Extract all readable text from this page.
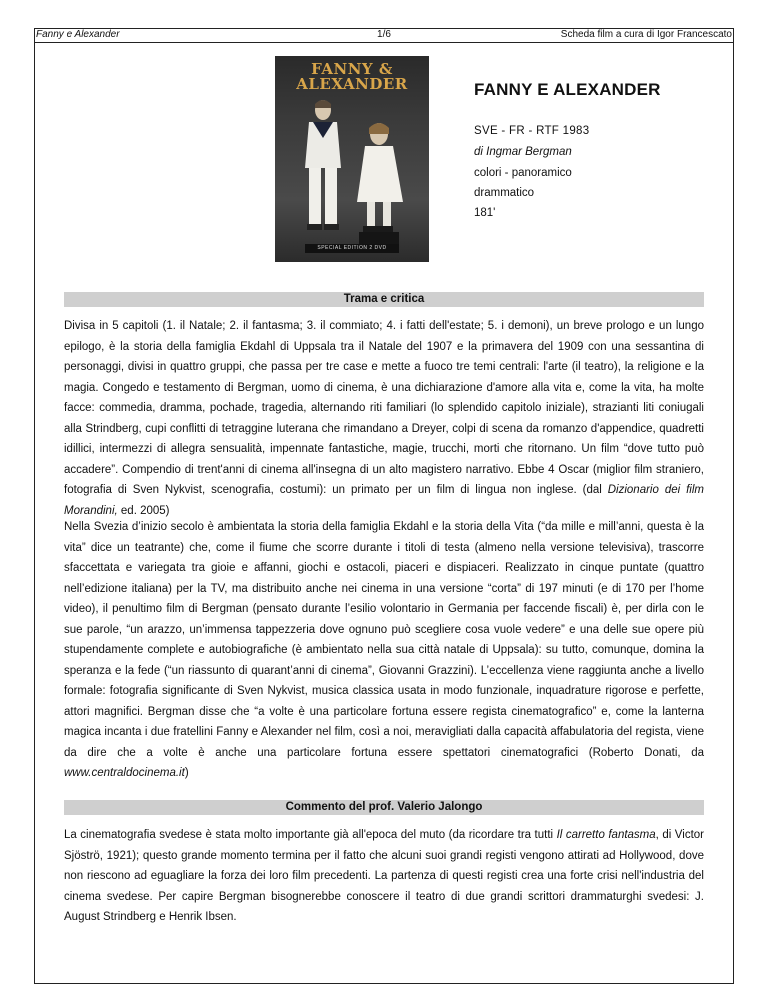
Fanny e Alexander	1/6	Scheda film a cura di Igor Francescato
FANNY &
ALEXANDER
SPECIAL EDITION 2 DVD
FANNY E ALEXANDER
SVE - FR - RTF 1983
di Ingmar Bergman
colori - panoramico
drammatico
181'
Trama e critica

Divisa in 5 capitoli (1. il Natale; 2. il fantasma; 3. il commiato; 4. i fatti dell'estate; 5. i demoni), un breve prologo e un lungo epilogo, è la storia della famiglia Ekdahl di Uppsala tra il Natale del 1907 e la primavera del 1909 con una sessantina di personaggi, divisi in quattro gruppi, che passa per tre case e mette a fuoco tre temi centrali: l'arte (il teatro), la religione e la magia. Congedo e testamento di Bergman, uomo di cinema, è una dichiarazione d'amore alla vita e, come la vita, ha molte facce: commedia, dramma, pochade, tragedia, alternando riti familiari (lo splendido capitolo iniziale), strazianti liti coniugali alla Strindberg, cupi conflitti di tetraggine luterana che rimandano a Dreyer, colpi di scena da romanzo d'appendice, quadretti idillici, intermezzi di allegra sensualità, impennate fantastiche, magie, trucchi, morti che ritornano. Un film “dove tutto può accadere”. Compendio di trent'anni di cinema all'insegna di un alto magistero narrativo. Ebbe 4 Oscar (miglior film straniero, fotografia di Sven Nykvist, scenografia, costumi): un primato per un film di lingua non inglese. (dal Dizionario dei film Morandini, ed. 2005)

Nella Svezia d’inizio secolo è ambientata la storia della famiglia Ekdahl e la storia della Vita (“da mille e mill’anni, questa è la vita” dice un teatrante) che, come il fiume che scorre durante i titoli di testa (almeno nella versione televisiva), trascorre sfaccettata e variegata tra gioie e affanni, giochi e ostacoli, piaceri e dispiaceri. Realizzato in cinque puntate (quattro nell’edizione italiana) per la TV, ma distribuito anche nei cinema in una versione “corta” di 197 minuti (e di 170 per l’home video), il penultimo film di Bergman (pensato durante l’esilio volontario in Germania per faccende fiscali) è, per dirla con le sue parole, “un arazzo, un’immensa tappezzeria dove ognuno può scegliere cosa vuole vedere” e una delle sue opere più stupendamente complete e autobiografiche (è ambientato nella sua città natale di Uppsala): su tutto, comunque, domina la speranza e la fede (“un riassunto di quarant’anni di cinema”, Giovanni Grazzini). L’eccellenza viene raggiunta anche a livello formale: fotografia significante di Sven Nykvist, musica classica usata in modo funzionale, inquadrature rigorose e perfette, attori magnifici. Bergman disse che “a volte è una particolare fortuna essere regista cinematografico” e, come la lanterna magica incanta i due fratellini Fanny e Alexander nel film, così a noi, meravigliati dalla capacità affabulatoria del regista, viene da dire che a volte è anche una particolare fortuna essere spettatori cinematografici (Roberto Donati, da www.centraldocinema.it)

Commento del prof. Valerio Jalongo

La cinematografia svedese è stata molto importante già all'epoca del muto (da ricordare tra tutti Il carretto fantasma, di Victor Sjöströ, 1921); questo grande momento termina per il fatto che alcuni suoi grandi registi vengono attirati ad Hollywood, dove non riescono ad eguagliare la forza dei loro film precedenti. La partenza di questi registi crea una forte crisi nell'industria del cinema svedese. Per capire Bergman bisognerebbe conoscere il teatro di due grandi scrittori drammaturghi svedesi: J. August Strindberg e Henrik Ibsen.
